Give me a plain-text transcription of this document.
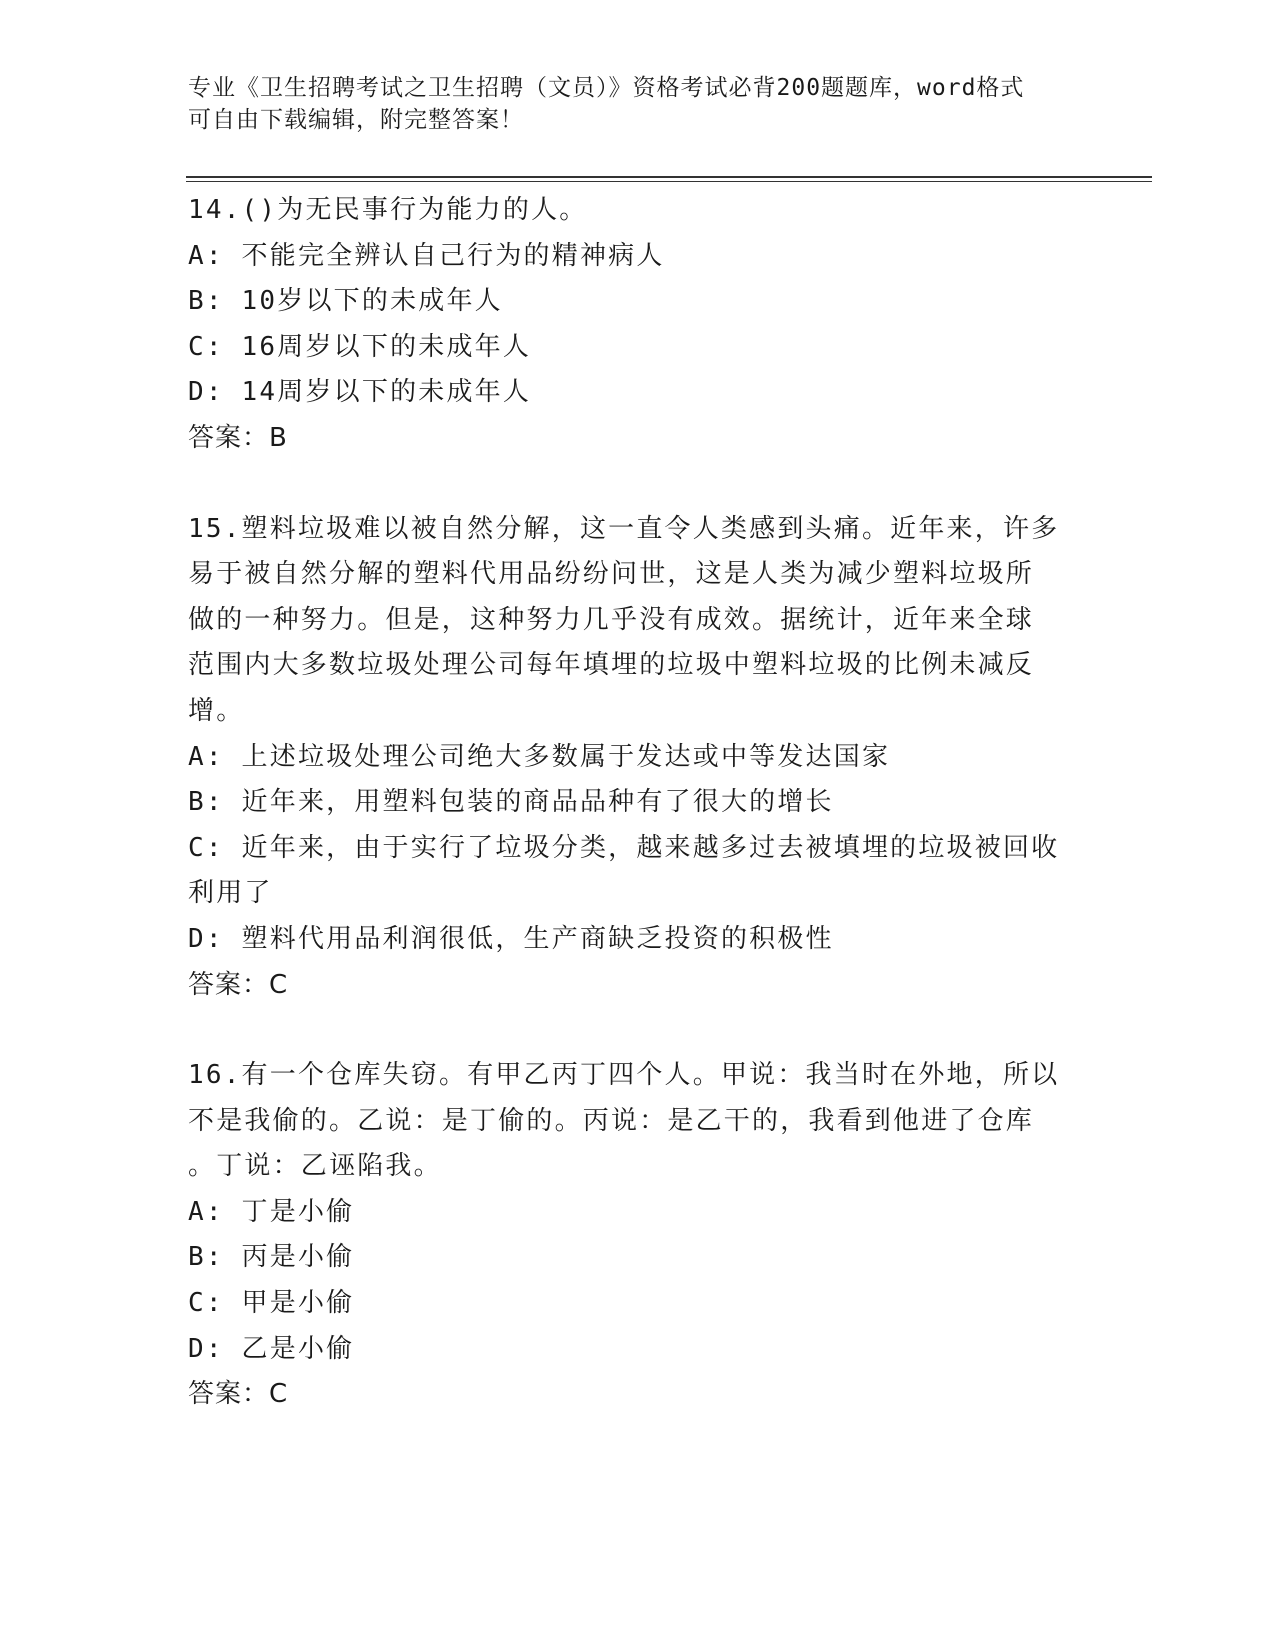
专业《卫生招聘考试之卫生招聘（文员）》资格考试必背200题题库，word格式
可自由下载编辑，附完整答案！
14.()为无民事行为能力的人。
A: 不能完全辨认自己行为的精神病人
B: 10岁以下的未成年人
C: 16周岁以下的未成年人
D: 14周岁以下的未成年人
答案：B
15.塑料垃圾难以被自然分解，这一直令人类感到头痛。近年来，许多
易于被自然分解的塑料代用品纷纷问世，这是人类为减少塑料垃圾所
做的一种努力。但是，这种努力几乎没有成效。据统计，近年来全球
范围内大多数垃圾处理公司每年填埋的垃圾中塑料垃圾的比例未减反
增。
A: 上述垃圾处理公司绝大多数属于发达或中等发达国家
B: 近年来，用塑料包装的商品品种有了很大的增长
C: 近年来，由于实行了垃圾分类，越来越多过去被填埋的垃圾被回收
利用了
D: 塑料代用品利润很低，生产商缺乏投资的积极性
答案：C
16.有一个仓库失窃。有甲乙丙丁四个人。甲说：我当时在外地，所以
不是我偷的。乙说：是丁偷的。丙说：是乙干的，我看到他进了仓库
。丁说：乙诬陷我。
A: 丁是小偷
B: 丙是小偷
C: 甲是小偷
D: 乙是小偷
答案：C
